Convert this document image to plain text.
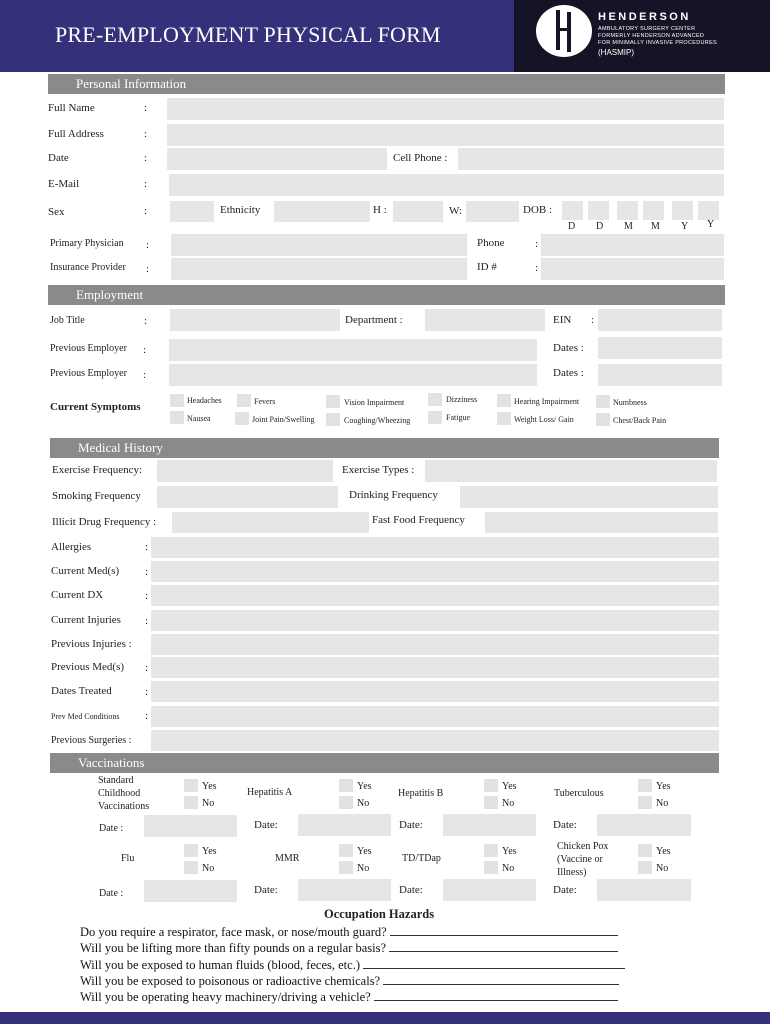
PRE-EMPLOYMENT PHYSICAL FORM
HENDERSON
AMBULATORY SURGERY CENTER
FORMERLY HENDERSON ADVANCED
FOR MINIMALLY INVASIVE PROCEDURES
(HASMIP)
Personal Information
Full Name	:
Full Address	:
Date	:	Cell Phone :
E-Mail	:
Sex	:	Ethnicity	H :	W:	DOB :
D D M M Y Y
Primary Physician :	Phone	:
Insurance Provider :	ID #	:
Employment
Job Title	:	Department :	EIN :
Previous Employer :	Dates :
Previous Employer :	Dates :
Current Symptoms
Headaches	Fevers	Vision Impairment	Dizziness	Hearing Impairment	Numbness
Nausea	Joint Pain/Swelling	Coughing/Wheezing	Fatigue	Weight Loss/ Gain	Chest/Back Pain
Medical History
Exercise Frequency:	Exercise Types :
Smoking Frequency	Drinking Frequency
Illicit Drug Frequency :	Fast Food Frequency
Allergies	:
Current Med(s) :
Current DX	:
Current Injuries :
Previous Injuries :
Previous Med(s) :
Dates Treated	:
Prev Med Conditions :
Previous Surgeries :
Vaccinations
Standard
Childhood
Vaccinations
Yes
No
Hepatitis A
Yes
No
Hepatitis B
Yes
No
Tuberculous
Yes
No
Date :	Date:	Date:	Date:
Flu
Yes
No
MMR
Yes
No
TD/TDap
Yes
No
Chicken Pox
(Vaccine or
Illness)
Yes
No
Date :	Date:	Date:	Date:
Occupation Hazards
Do you require a respirator, face mask, or nose/mouth guard?
Will you be lifting more than fifty pounds on a regular basis?
Will you be exposed to human fluids (blood, feces, etc.)
Will you be exposed to poisonous or radioactive chemicals?
Will you be operating heavy machinery/driving a vehicle?
